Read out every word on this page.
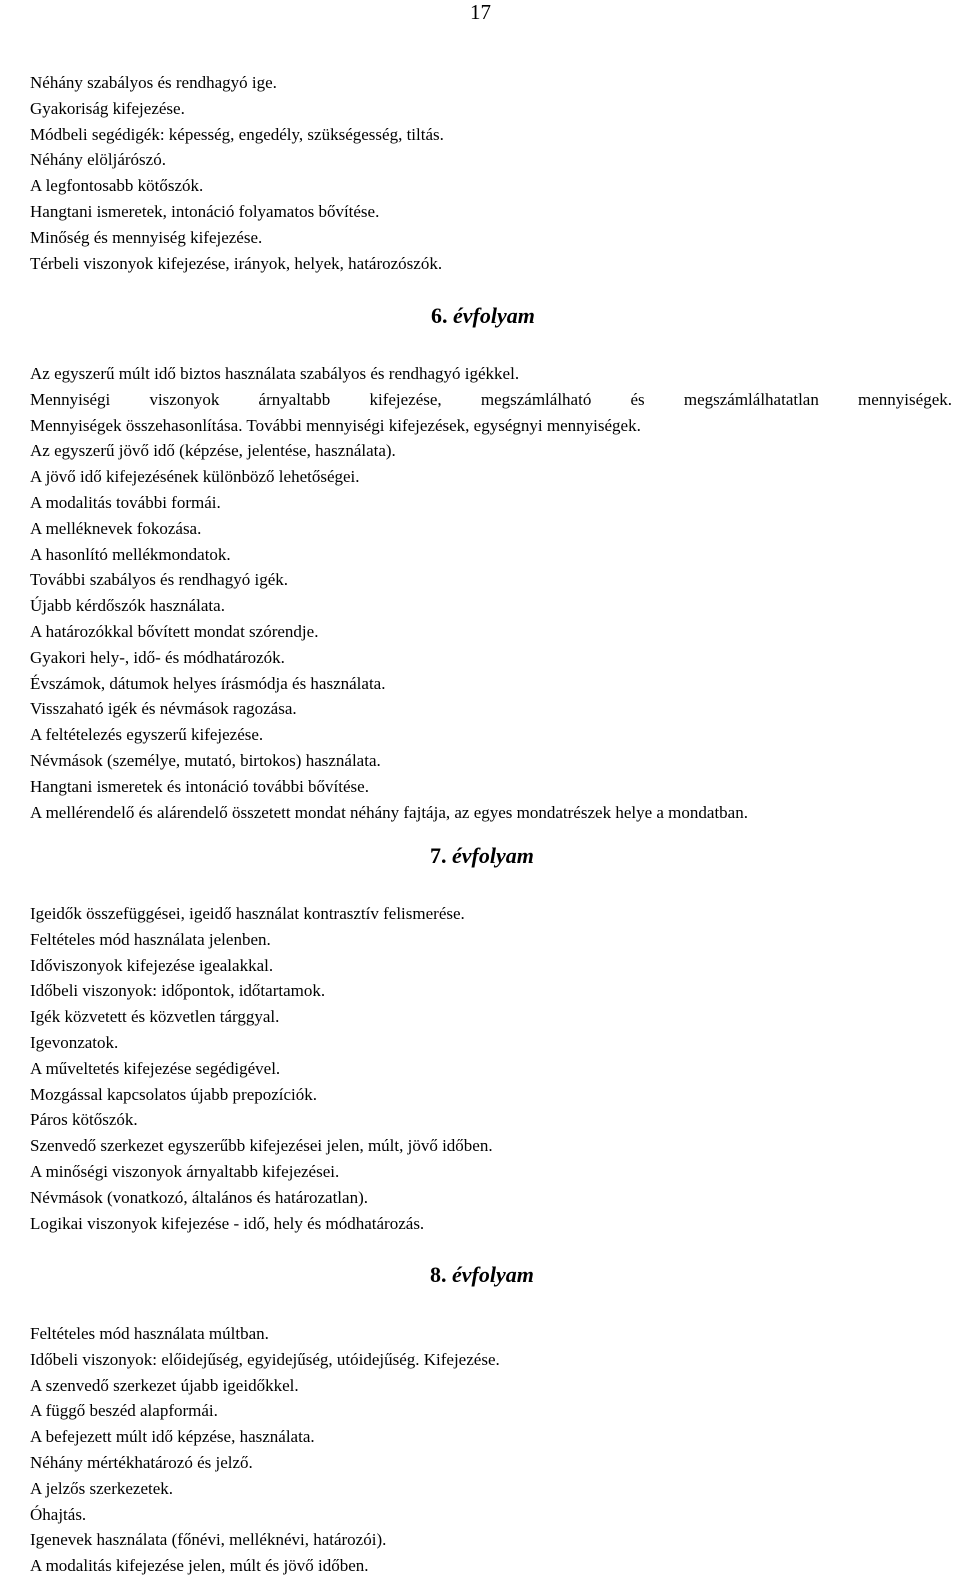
17
Néhány szabályos és rendhagyó ige.
Gyakoriság kifejezése.
Módbeli segédigék: képesség, engedély, szükségesség, tiltás.
Néhány elöljárószó.
A legfontosabb kötőszók.
Hangtani ismeretek, intonáció folyamatos bővítése.
Minőség és mennyiség kifejezése.
Térbeli viszonyok kifejezése, irányok, helyek, határozószók.
6. évfolyam
Az egyszerű múlt idő biztos használata szabályos és rendhagyó igékkel.
Mennyiségi viszonyok árnyaltabb kifejezése, megszámlálható és megszámlálhatatlan mennyiségek.
Mennyiségek összehasonlítása. További mennyiségi kifejezések, egységnyi mennyiségek.
Az egyszerű jövő idő (képzése, jelentése, használata).
A jövő idő kifejezésének különböző lehetőségei.
A modalitás további formái.
A melléknevek fokozása.
A hasonlító mellékmondatok.
További szabályos és rendhagyó igék.
Újabb kérdőszók használata.
A határozókkal bővített mondat szórendje.
Gyakori hely-, idő- és módhatározók.
Évszámok, dátumok helyes írásmódja és használata.
Visszaható igék és névmások ragozása.
A feltételezés egyszerű kifejezése.
Névmások (személye, mutató, birtokos) használata.
Hangtani ismeretek és intonáció további bővítése.
A mellérendelő és alárendelő összetett mondat néhány fajtája, az egyes mondatrészek helye a mondatban.
7. évfolyam
Igeidők összefüggései, igeidő használat kontrasztív felismerése.
Feltételes mód használata jelenben.
Időviszonyok kifejezése igealakkal.
Időbeli viszonyok: időpontok, időtartamok.
Igék közvetett és közvetlen tárggyal.
Igevonzatok.
A műveltetés kifejezése segédigével.
Mozgással kapcsolatos újabb prepozíciók.
Páros kötőszók.
Szenvedő szerkezet egyszerűbb kifejezései jelen, múlt, jövő időben.
A minőségi viszonyok árnyaltabb kifejezései.
Névmások (vonatkozó, általános és határozatlan).
Logikai viszonyok kifejezése - idő, hely és módhatározás.
8. évfolyam
Feltételes mód használata múltban.
Időbeli viszonyok: előidejűség, egyidejűség, utóidejűség. Kifejezése.
A szenvedő szerkezet újabb igeidőkkel.
A függő beszéd alapformái.
A befejezett múlt idő képzése, használata.
Néhány mértékhatározó és jelző.
A jelzős szerkezetek.
Óhajtás.
Igenevek használata (főnévi, melléknévi, határozói).
A modalitás kifejezése jelen, múlt és jövő időben.
